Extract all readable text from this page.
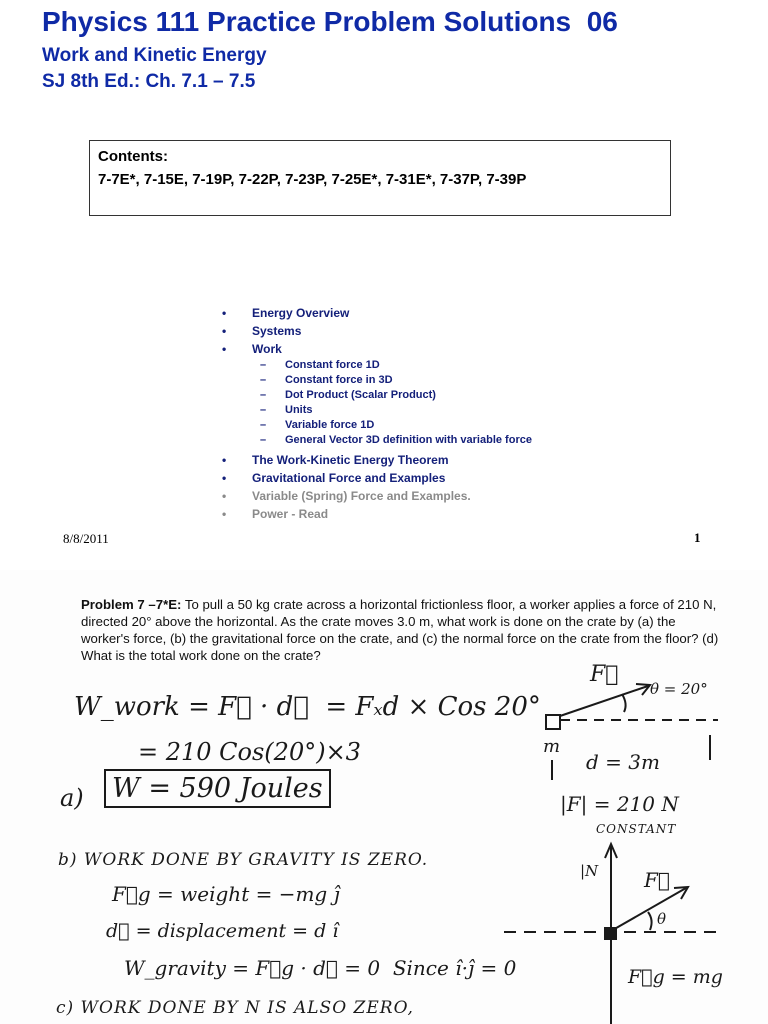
Physics 111 Practice Problem Solutions  06
Work and Kinetic Energy
SJ 8th Ed.: Ch. 7.1 – 7.5
Contents:
7-7E*, 7-15E, 7-19P, 7-22P, 7-23P, 7-25E*, 7-31E*, 7-37P, 7-39P
• Energy Overview
• Systems
• Work
– Constant force 1D
– Constant force in 3D
– Dot Product (Scalar Product)
– Units
– Variable force 1D
– General Vector 3D definition with variable force
• The Work-Kinetic Energy Theorem
• Gravitational Force and Examples
• Variable (Spring) Force and Examples.
• Power - Read
8/8/2011	1
Problem 7 –7*E: To pull a 50 kg crate across a horizontal frictionless floor, a worker applies a force of 210 N, directed 20° above the horizontal. As the crate moves 3.0 m, what work is done on the crate by (a) the worker's force, (b) the gravitational force on the crate, and (c) the normal force on the crate from the floor? (d) What is the total work done on the crate?
W_work = F⃗ · d⃗  = Fₓd × Cos 20°
= 210 Cos(20°)×3
a) W = 590 Joules
b) WORK DONE BY GRAVITY IS ZERO.
F⃗g = weight = −mg ĵ
d⃗ = displacement = d î
W_gravity = F⃗g · d⃗ = 0  Since î·ĵ = 0
c) WORK DONE BY N IS ALSO ZERO,
F⃗
θ = 20°
m
d = 3m
|F| = 210 N
CONSTANT
|N F⃗
θ
F⃗g = mg
